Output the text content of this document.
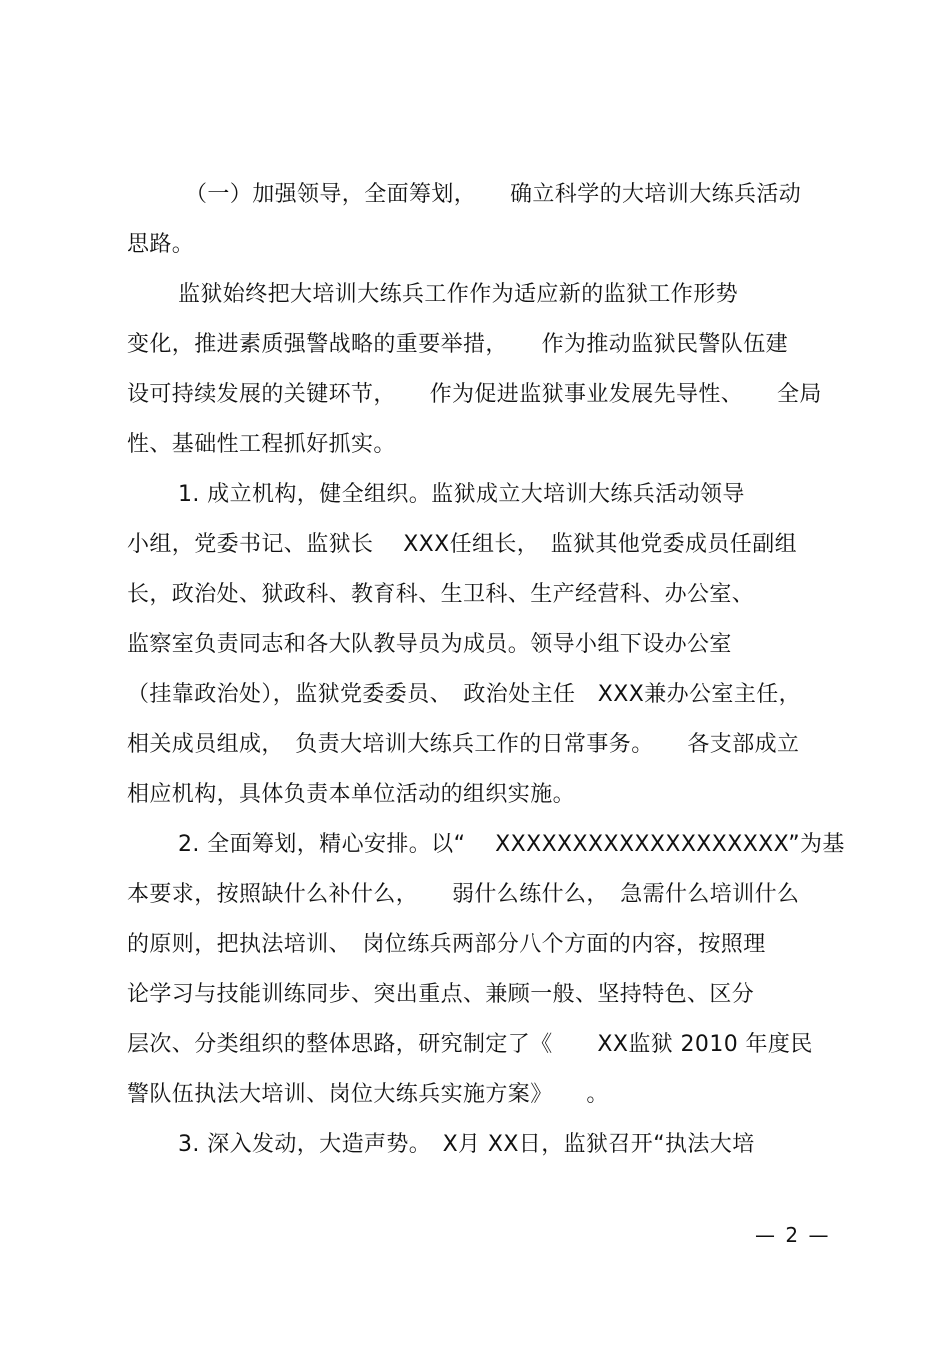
（一）加强领导，全面筹划，　　确立科学的大培训大练兵活动
思路。
监狱始终把大培训大练兵工作作为适应新的监狱工作形势
变化，推进素质强警战略的重要举措，　　作为推动监狱民警队伍建
设可持续发展的关键环节，　　作为促进监狱事业发展先导性、　　全局
性、基础性工程抓好抓实。
1. 成立机构，健全组织。监狱成立大培训大练兵活动领导
小组，党委书记、监狱长　 XXX任组长，　监狱其他党委成员任副组
长，政治处、狱政科、教育科、生卫科、生产经营科、办公室、
监察室负责同志和各大队教导员为成员。领导小组下设办公室
（挂靠政治处），监狱党委委员、　政治处主任　XXX兼办公室主任，
相关成员组成，　负责大培训大练兵工作的日常事务。　　各支部成立
相应机构，具体负责本单位活动的组织实施。
2. 全面筹划，精心安排。以“　 XXXXXXXXXXXXXXXXXXX”为基
本要求，按照缺什么补什么，　　弱什么练什么，　急需什么培训什么
的原则，把执法培训、　岗位练兵两部分八个方面的内容，按照理
论学习与技能训练同步、突出重点、兼顾一般、坚持特色、区分
层次、分类组织的整体思路，研究制定了《　　XX监狱 2010 年度民
警队伍执法大培训、岗位大练兵实施方案》　　。
3. 深入发动，大造声势。　X月 XX日，监狱召开“执法大培
— 2 —
